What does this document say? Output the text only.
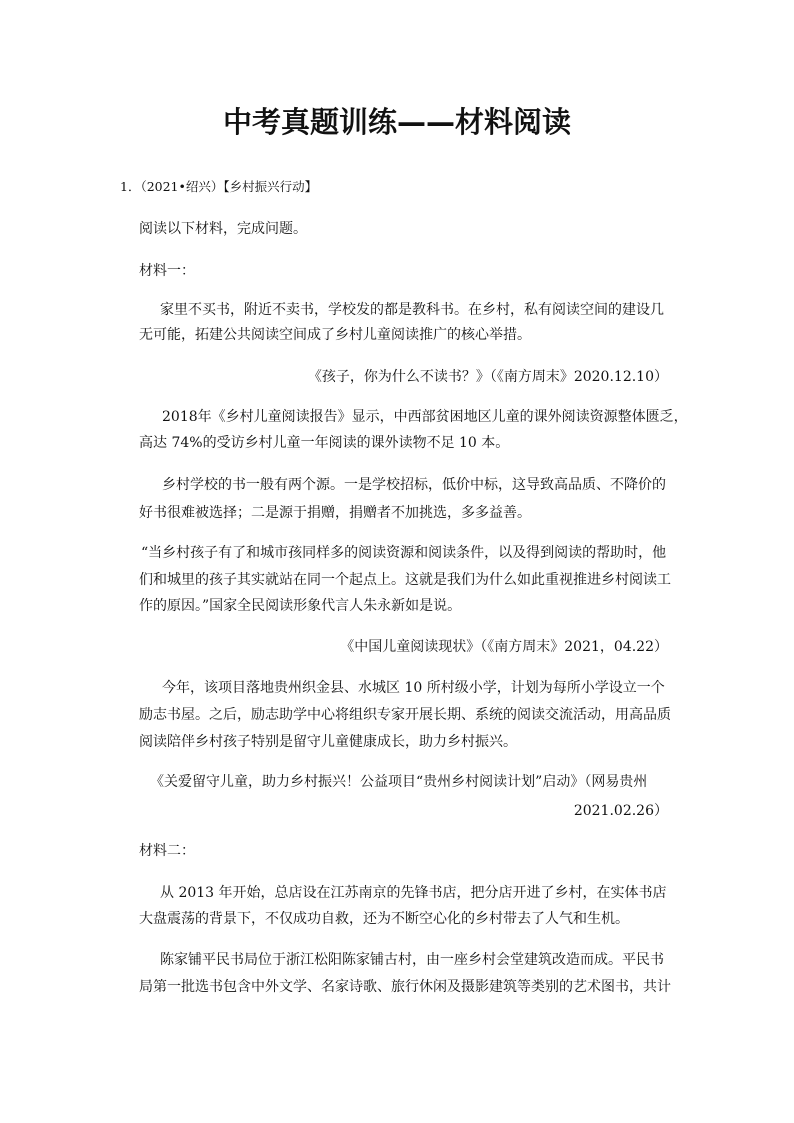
中考真题训练——材料阅读
1．（2021•绍兴）【乡村振兴行动】
阅读以下材料，完成问题。
材料一：
家里不买书，附近不卖书，学校发的都是教科书。在乡村，私有阅读空间的建设几
无可能，拓建公共阅读空间成了乡村儿童阅读推广的核心举措。
《孩子，你为什么不读书？》（《南方周末》2020.12.10）
2018年《乡村儿童阅读报告》显示，中西部贫困地区儿童的课外阅读资源整体匮乏，
高达 74%的受访乡村儿童一年阅读的课外读物不足 10 本。
乡村学校的书一般有两个源。一是学校招标，低价中标，这导致高品质、不降价的
好书很难被选择；二是源于捐赠，捐赠者不加挑选，多多益善。
“当乡村孩子有了和城市孩同样多的阅读资源和阅读条件，以及得到阅读的帮助时，他
们和城里的孩子其实就站在同一个起点上。这就是我们为什么如此重视推进乡村阅读工
作的原因。”国家全民阅读形象代言人朱永新如是说。
《中国儿童阅读现状》（《南方周末》2021，04.22）
今年，该项目落地贵州织金县、水城区 10 所村级小学，计划为每所小学设立一个
励志书屋。之后，励志助学中心将组织专家开展长期、系统的阅读交流活动，用高品质
阅读陪伴乡村孩子特别是留守儿童健康成长，助力乡村振兴。
《关爱留守儿童，助力乡村振兴！公益项目“贵州乡村阅读计划”启动》（网易贵州
2021.02.26）
材料二：
从 2013 年开始，总店设在江苏南京的先锋书店，把分店开进了乡村，在实体书店
大盘震荡的背景下，不仅成功自救，还为不断空心化的乡村带去了人气和生机。
陈家铺平民书局位于浙江松阳陈家铺古村，由一座乡村会堂建筑改造而成。平民书
局第一批选书包含中外文学、名家诗歌、旅行休闲及摄影建筑等类别的艺术图书，共计
